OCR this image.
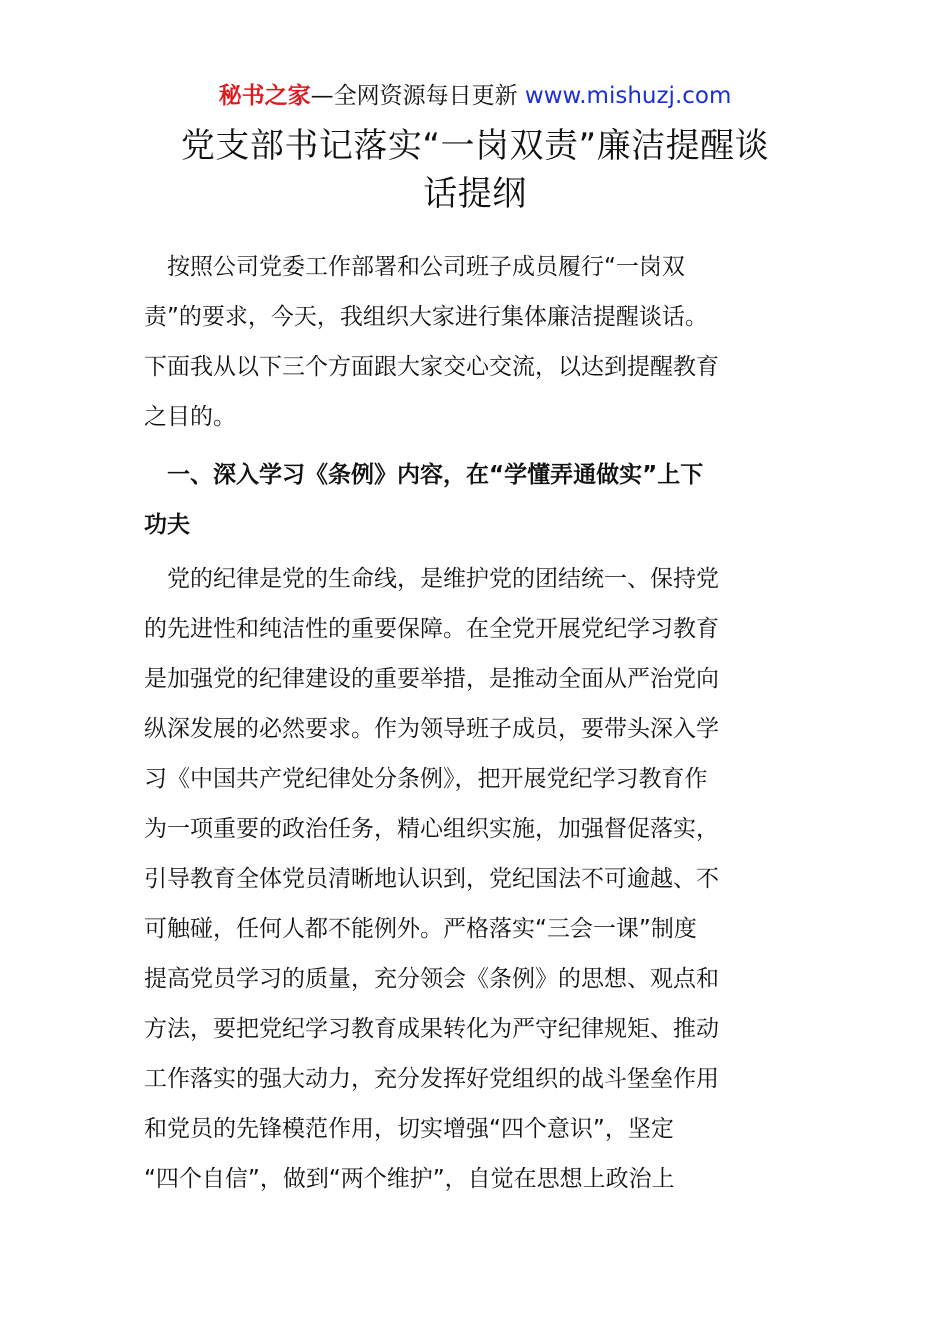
秘书之家—全网资源每日更新 www.mishuzj.com
党支部书记落实“一岗双责”廉洁提醒谈
话提纲
　按照公司党委工作部署和公司班子成员履行“一岗双
责”的要求，今天，我组织大家进行集体廉洁提醒谈话。
下面我从以下三个方面跟大家交心交流，以达到提醒教育
之目的。
　一、深入学习《条例》内容，在“学懂弄通做实”上下
功夫
　党的纪律是党的生命线，是维护党的团结统一、保持党
的先进性和纯洁性的重要保障。在全党开展党纪学习教育
是加强党的纪律建设的重要举措，是推动全面从严治党向
纵深发展的必然要求。作为领导班子成员，要带头深入学
习《中国共产党纪律处分条例》，把开展党纪学习教育作
为一项重要的政治任务，精心组织实施，加强督促落实，
引导教育全体党员清晰地认识到，党纪国法不可逾越、不
可触碰，任何人都不能例外。严格落实“三会一课”制度
提高党员学习的质量，充分领会《条例》的思想、观点和
方法，要把党纪学习教育成果转化为严守纪律规矩、推动
工作落实的强大动力，充分发挥好党组织的战斗堡垒作用
和党员的先锋模范作用，切实增强“四个意识”，坚定
“四个自信”，做到“两个维护”，自觉在思想上政治上
